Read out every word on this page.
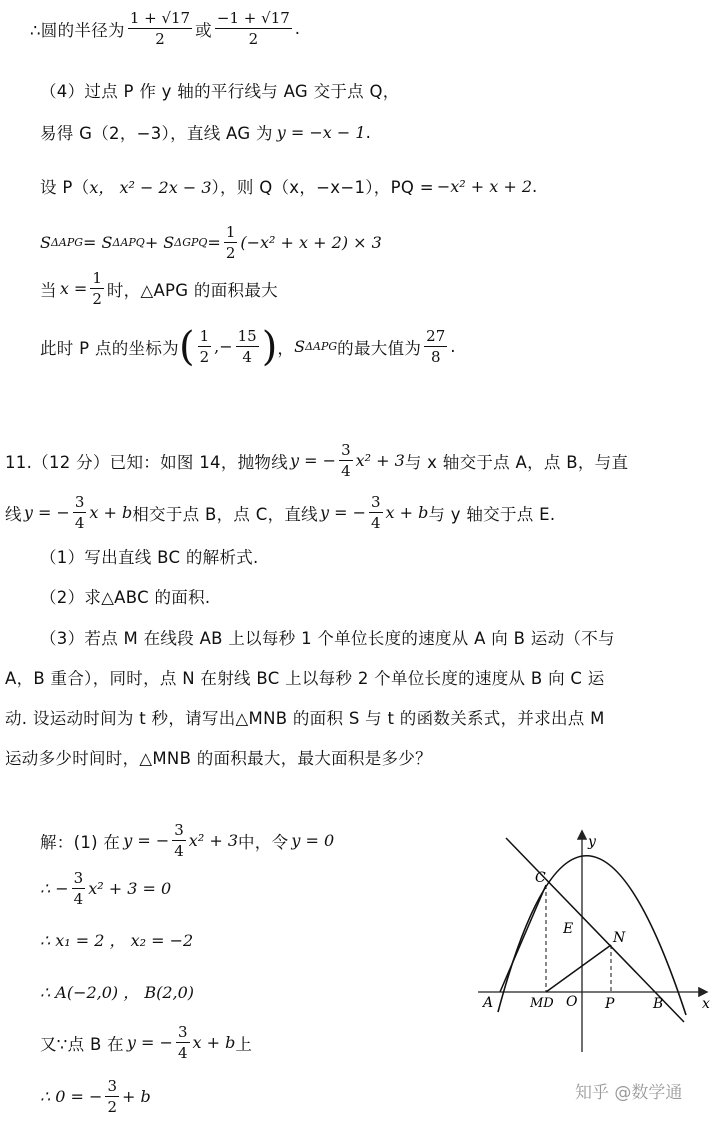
∴圆的半径为 $\frac{1 + √17}{2}$ 或 $\frac{-1 + √17}{2}$ .
（4）过点 P 作 y 轴的平行线与 AG 交于点 Q，
易得 G（2，−3），直线 AG 为 y = −x − 1 .
设 P（ x， x² − 2x − 3 ），则 Q（x，−x−1），PQ = −x² + x + 2 .
S ΔAPG = S ΔAPQ + S $\Delta GPQ = \frac{1}{2} (-x^2 + x + 2) \times 3$
当 $x = \frac{1}{2}$ 时，△APG 的面积最大
此时 P 点的坐标为 ( $\frac{1}{2}$ ,− $\frac{15}{4}$ ) ， S ΔAPG 的最大值为 $\frac{27}{8}$ .
11.（12 分）已知：如图 14，抛物线 y = − $\frac{3}{4} x^2 + 3$ 与 x 轴交于点 A，点 B，与直
线 y = − $\frac{3}{4}$ x + b 相交于点 B，点 C，直线 y = − $\frac{3}{4}$ x + b 与 y 轴交于点 E.
（1）写出直线 BC 的解析式.
（2）求△ABC 的面积.
（3）若点 M 在线段 AB 上以每秒 1 个单位长度的速度从 A 向 B 运动（不与
A，B 重合），同时，点 N 在射线 BC 上以每秒 2 个单位长度的速度从 B 向 C 运
动. 设运动时间为 t 秒，请写出△MNB 的面积 S 与 t 的函数关系式，并求出点 M
运动多少时间时，△MNB 的面积最大，最大面积是多少？
解：(1) 在 y = − $\frac{3}{4} x^2 + 3$ 中，令 y = 0
∴ − $\frac{3}{4} x^2 + 3 = 0$
∴ x₁ = 2 ， x₂ = −2
∴ A(−2,0) ， B(2,0)
又∵点 B 在 y = − $\frac{3}{4}$ x + b 上
∴ 0 = − $\frac{3}{2} + b$
y
x
C
E
N
A	MD O P	B
知乎 @数学通
